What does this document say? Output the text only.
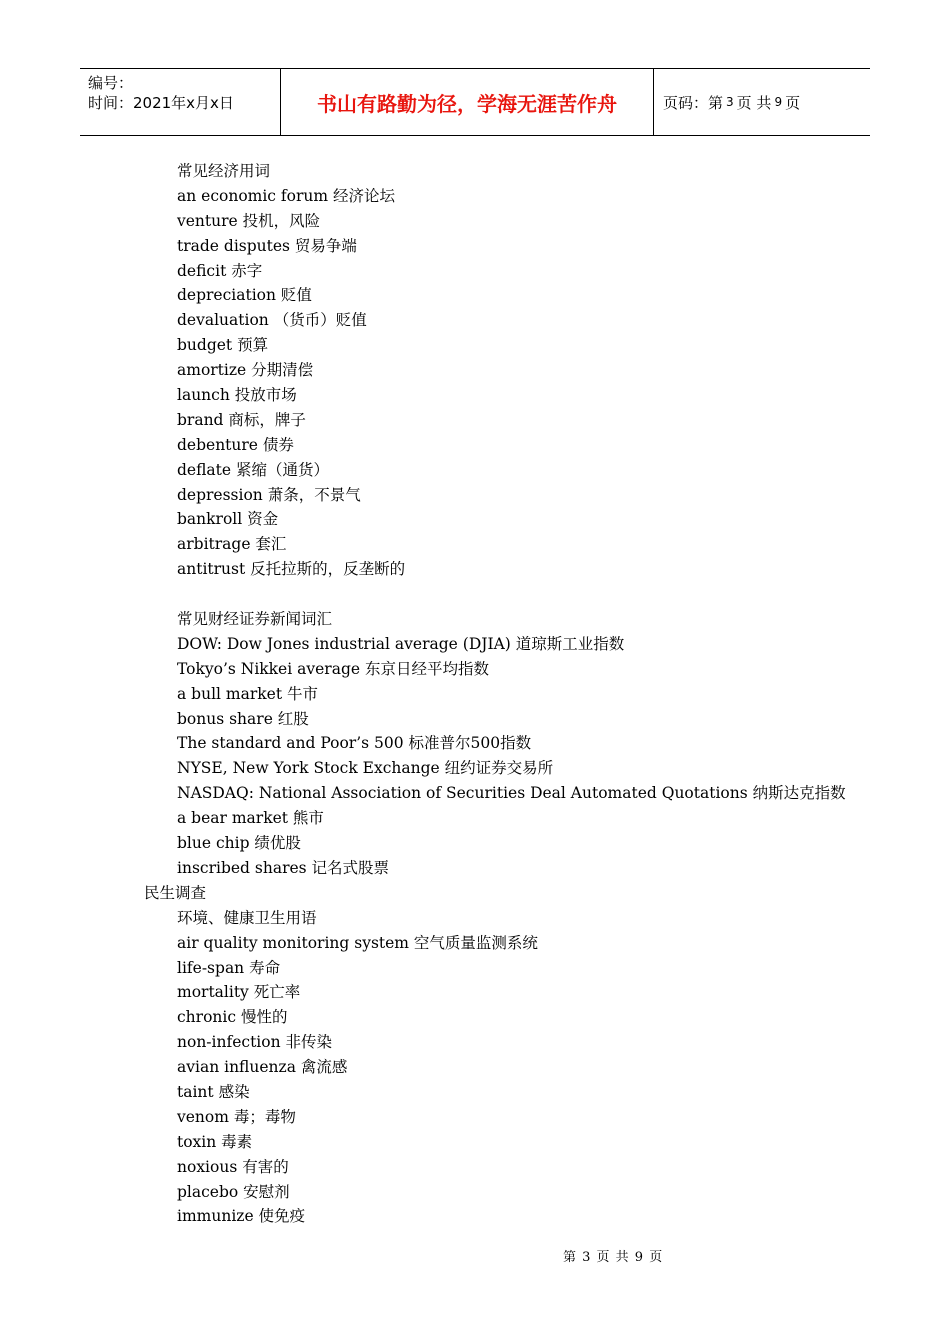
编号：
时间：2021年x月x日	书山有路勤为径，学海无涯苦作舟	页码：第 3 页 共 9 页
常见经济用词
an economic forum 经济论坛
venture 投机，风险
trade disputes 贸易争端
deficit 赤字
depreciation 贬值
devaluation （货币）贬值
budget 预算
amortize 分期清偿
launch 投放市场
brand 商标，牌子
debenture 债券
deflate 紧缩（通货）
depression 萧条，不景气
bankroll 资金
arbitrage 套汇
antitrust 反托拉斯的，反垄断的
常见财经证券新闻词汇
DOW: Dow Jones industrial average (DJIA) 道琼斯工业指数
Tokyo’s Nikkei average 东京日经平均指数
a bull market 牛市
bonus share 红股
The standard and Poor’s 500 标准普尔500指数
NYSE, New York Stock Exchange 纽约证券交易所
NASDAQ: National Association of Securities Deal Automated Quotations 纳斯达克指数
a bear market 熊市
blue chip 绩优股
inscribed shares 记名式股票
民生调查
环境、健康卫生用语
air quality monitoring system 空气质量监测系统
life-span 寿命
mortality 死亡率
chronic 慢性的
non-infection 非传染
avian influenza 禽流感
taint 感染
venom 毒；毒物
toxin 毒素
noxious 有害的
placebo 安慰剂
immunize 使免疫
第 3 页 共 9 页
